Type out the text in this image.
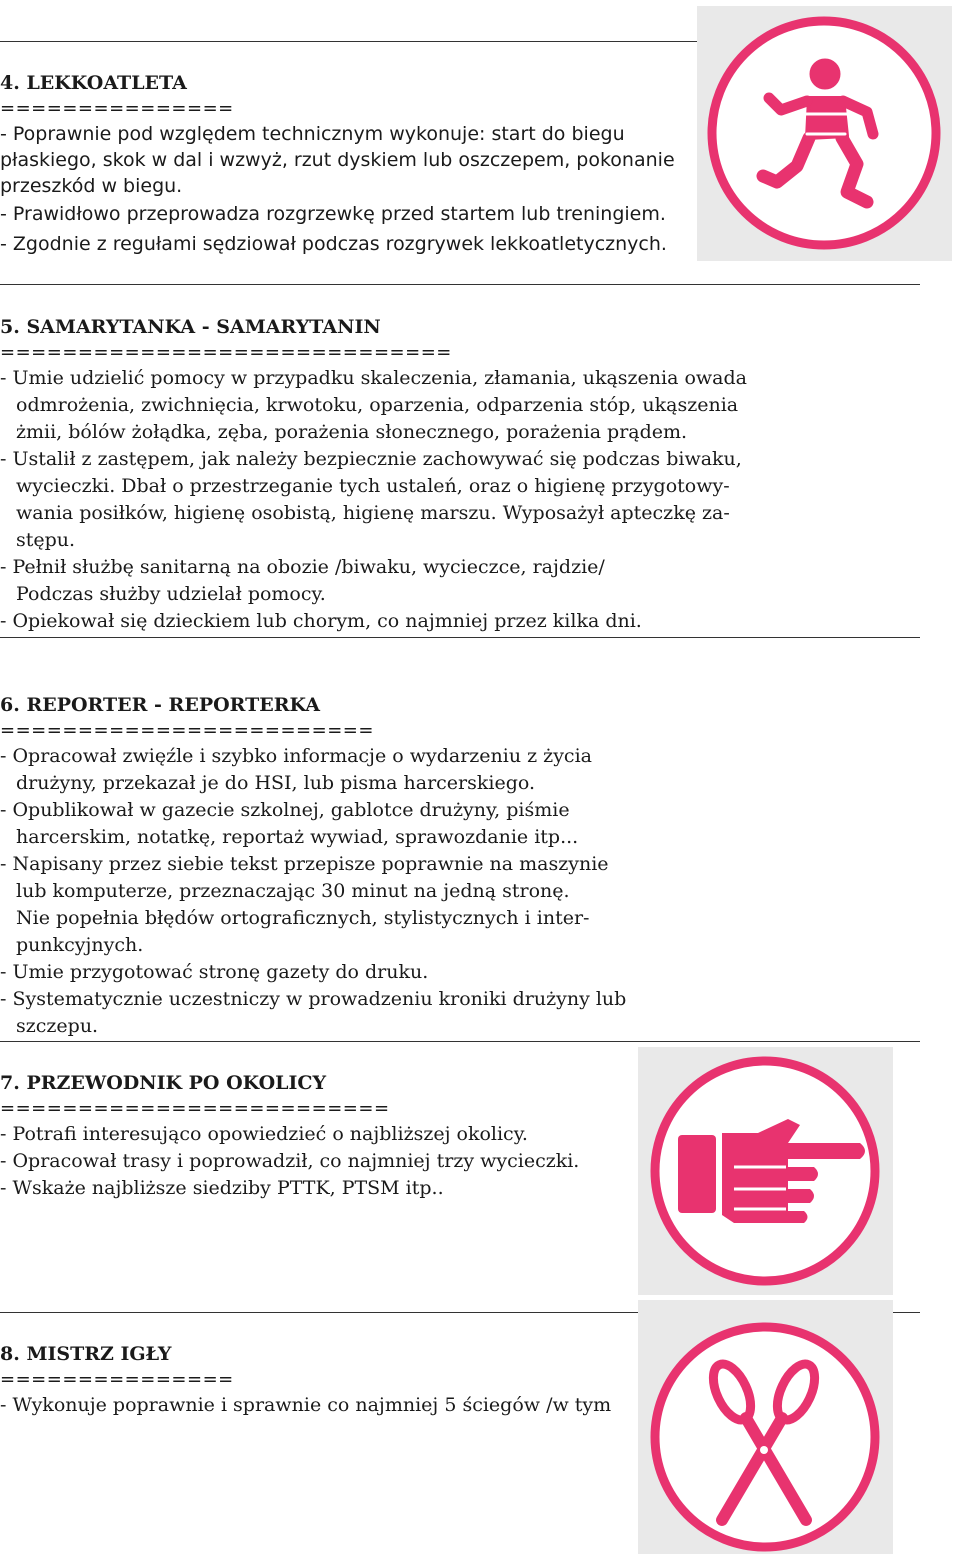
4. LEKKOATLETA
===============
- Poprawnie pod względem technicznym wykonuje: start do biegu
płaskiego, skok w dal i wzwyż, rzut dyskiem lub oszczepem, pokonanie
przeszkód w biegu.
- Prawidłowo przeprowadza rozgrzewkę przed startem lub treningiem.
- Zgodnie z regułami sędziował podczas rozgrywek lekkoatletycznych.
5. SAMARYTANKA - SAMARYTANIN
=============================
- Umie udzielić pomocy w przypadku skaleczenia, złamania, ukąszenia owada
odmrożenia, zwichnięcia, krwotoku, oparzenia, odparzenia stóp, ukąszenia
żmii, bólów żołądka, zęba, porażenia słonecznego, porażenia prądem.
- Ustalił z zastępem, jak należy bezpiecznie zachowywać się podczas biwaku,
wycieczki. Dbał o przestrzeganie tych ustaleń, oraz o higienę przygotowy-
wania posiłków, higienę osobistą, higienę marszu. Wyposażył apteczkę za-
stępu.
- Pełnił służbę sanitarną na obozie /biwaku, wycieczce, rajdzie/
Podczas służby udzielał pomocy.
- Opiekował się dzieckiem lub chorym, co najmniej przez kilka dni.
6. REPORTER - REPORTERKA
========================
- Opracował zwięźle i szybko informacje o wydarzeniu z życia
drużyny, przekazał je do HSI, lub pisma harcerskiego.
- Opublikował w gazecie szkolnej, gablotce drużyny, piśmie
harcerskim, notatkę, reportaż wywiad, sprawozdanie itp...
- Napisany przez siebie tekst przepisze poprawnie na maszynie
lub komputerze, przeznaczając 30 minut na jedną stronę.
Nie popełnia błędów ortograficznych, stylistycznych i inter-
punkcyjnych.
- Umie przygotować stronę gazety do druku.
- Systematycznie uczestniczy w prowadzeniu kroniki drużyny lub
szczepu.
7. PRZEWODNIK PO OKOLICY
=========================
- Potrafi interesująco opowiedzieć o najbliższej okolicy.
- Opracował trasy i poprowadził, co najmniej trzy wycieczki.
- Wskaże najbliższe siedziby PTTK, PTSM itp..
8. MISTRZ IGŁY
===============
- Wykonuje poprawnie i sprawnie co najmniej 5 ściegów /w tym
